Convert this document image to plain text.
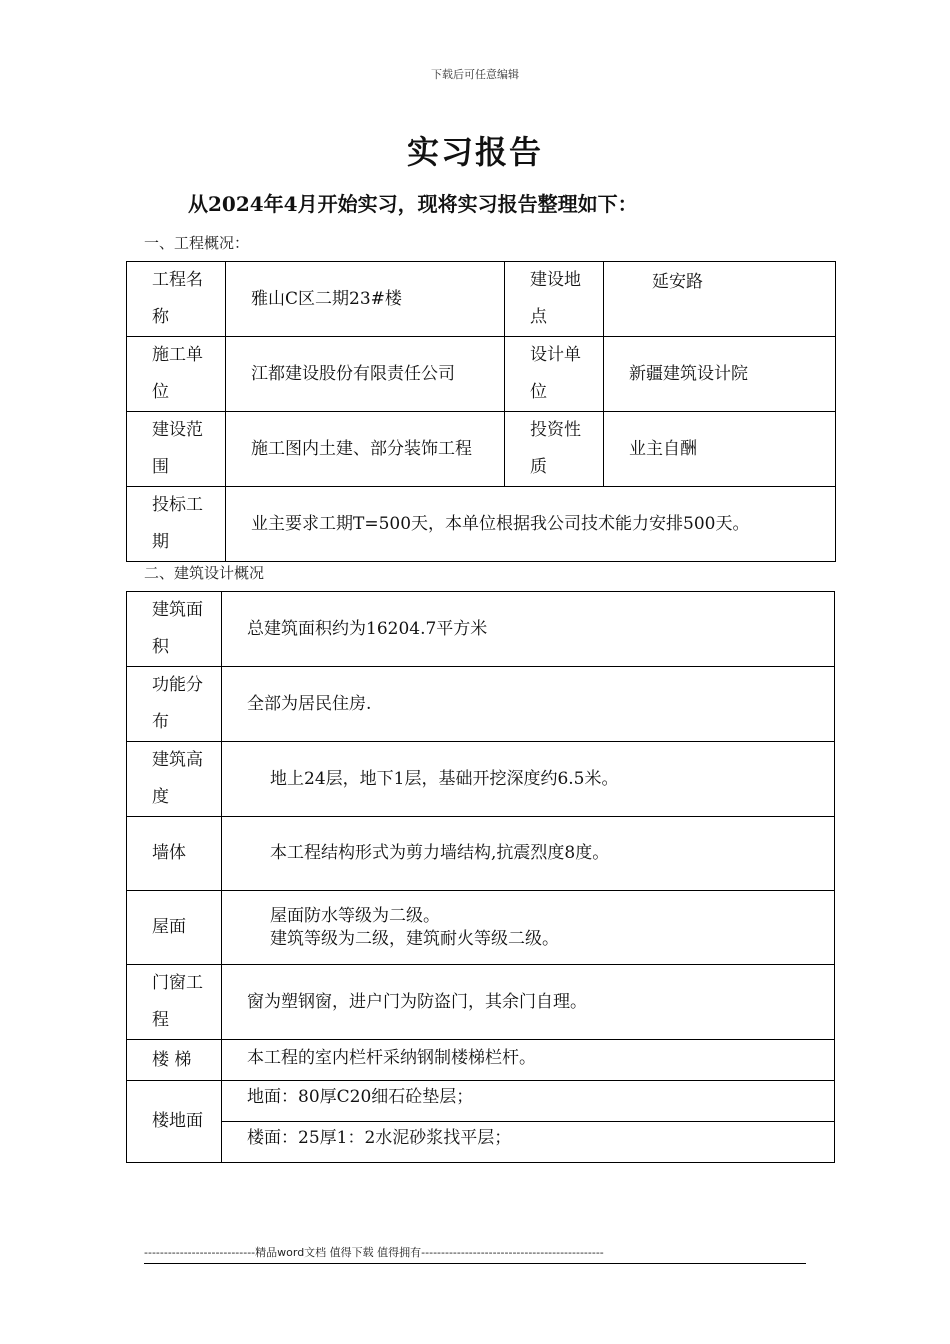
下载后可任意编辑
实习报告
从2024年4月开始实习，现将实习报告整理如下：
一、工程概况：
工程名称	雅山C区二期23#楼	建设地点	延安路
施工单位	江都建设股份有限责任公司	设计单位	新疆建筑设计院
建设范围	施工图内土建、部分装饰工程	投资性质	业主自酬
投标工期	业主要求工期T=500天，本单位根据我公司技术能力安排500天。		
二、建筑设计概况
建筑面积	总建筑面积约为16204.7平方米
功能分布	全部为居民住房.
建筑高度	地上24层，地下1层，基础开挖深度约6.5米。
墙体	本工程结构形式为剪力墙结构,抗震烈度8度。
屋面	屋面防水等级为二级。
建筑等级为二级，建筑耐火等级二级。

门窗工程	窗为塑钢窗，进户门为防盗门，其余门自理。
楼 梯	本工程的室内栏杆采纳钢制楼梯栏杆。
楼地面	地面：80厚C20细石砼垫层；
	楼面：25厚1：2水泥砂浆找平层；
----------------------------精品word文档 值得下载 值得拥有----------------------------------------------
